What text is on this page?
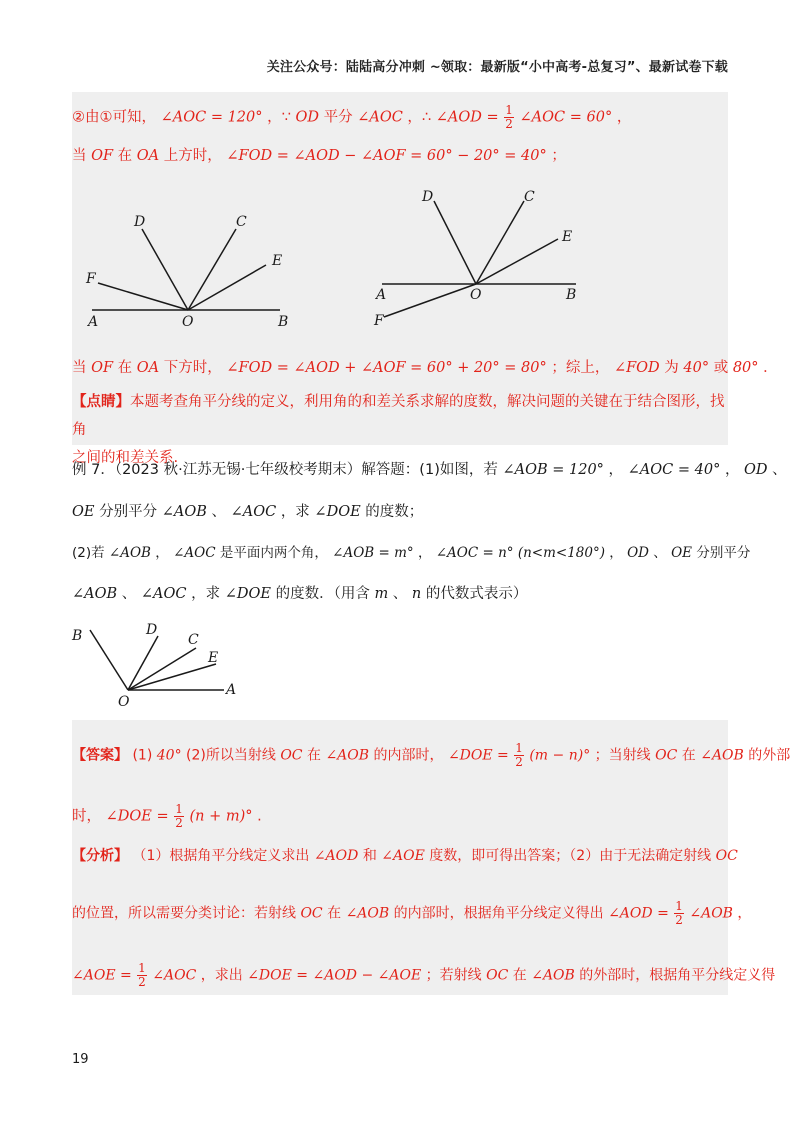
关注公众号：陆陆高分冲刺 ~领取：最新版“小中高考-总复习”、最新试卷下载
②由①可知， ∠AOC = 120° ，∵ OD 平分 ∠AOC ，∴ ∠AOD = $\frac{1}{2}$ ∠AOC = 60° ，
当 OF 在 OA 上方时， ∠FOD = ∠AOD − ∠AOF = 60° − 20° = 40° ；
D	C
E
F
A	O	B
D	C
E
A	O	B
F
当 OF 在 OA 下方时， ∠FOD = ∠AOD + ∠AOF = 60° + 20° = 80° ；综上， ∠FOD 为 40° 或 80° ．
【点睛】本题考查角平分线的定义，利用角的和差关系求解的度数，解决问题的关键在于结合图形，找角
之间的和差关系.
例 7．（2023 秋·江苏无锡·七年级校考期末）解答题：(1)如图，若 ∠AOB = 120° ， ∠AOC = 40° ， OD 、
OE 分别平分 ∠AOB 、 ∠AOC ，求 ∠DOE 的度数；
(2)若 ∠AOB ， ∠AOC 是平面内两个角， ∠AOB = m° ， ∠AOC = n° (n<m<180°) ， OD 、 OE 分别平分
∠AOB 、 ∠AOC ，求 ∠DOE 的度数．（用含 m 、 n 的代数式表示）
B	D
C
E
O
A
【答案】 (1) 40° (2)所以当射线 OC 在 ∠AOB 的内部时， ∠DOE = $\frac{1}{2} (m - n)^\circ$ ；当射线 OC 在 ∠AOB 的外部
时， ∠DOE = $\frac{1}{2} (n + m)^\circ$ .
【分析】 （1）根据角平分线定义求出 ∠AOD 和 ∠AOE 度数，即可得出答案；（2）由于无法确定射线 OC
的位置，所以需要分类讨论：若射线 OC 在 ∠AOB 的内部时，根据角平分线定义得出 ∠AOD = $\frac{1}{2}$ ∠AOB ，
∠AOE = $\frac{1}{2}$ ∠AOC ，求出 ∠DOE = ∠AOD − ∠AOE ；若射线 OC 在 ∠AOB 的外部时，根据角平分线定义得
19
